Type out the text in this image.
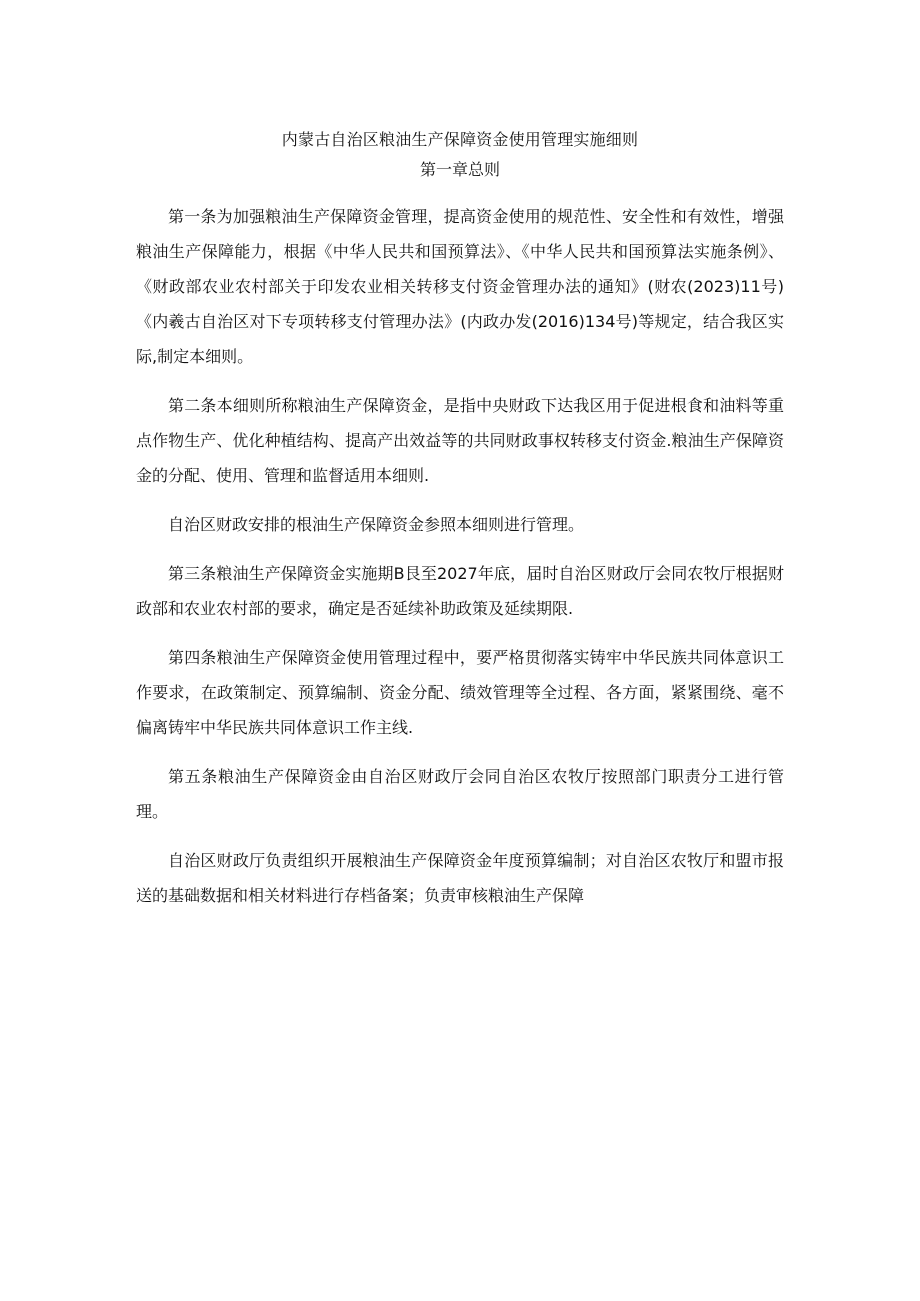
内蒙古自治区粮油生产保障资金使用管理实施细则
第一章总则

第一条为加强粮油生产保障资金管理，提高资金使用的规范性、安全性和有效性，增强粮油生产保障能力，根据《中华人民共和国预算法》、《中华人民共和国预算法实施条例》、《财政部农业农村部关于印发农业相关转移支付资金管理办法的通知》(财农(2023)11号)《内羲古自治区对下专项转移支付管理办法》(内政办发(2016)134号)等规定，结合我区实际,制定本细则。

第二条本细则所称粮油生产保障资金，是指中央财政下达我区用于促进根食和油料等重点作物生产、优化种植结构、提高产出效益等的共同财政事权转移支付资金.粮油生产保障资金的分配、使用、管理和监督适用本细则.

自治区财政安排的根油生产保障资金参照本细则进行管理。

第三条粮油生产保障资金实施期B艮至2027年底，届时自治区财政厅会同农牧厅根据财政部和农业农村部的要求，确定是否延续补助政策及延续期限.

第四条粮油生产保障资金使用管理过程中，要严格贯彻落实铸牢中华民族共同体意识工作要求，在政策制定、预算编制、资金分配、绩效管理等全过程、各方面，紧紧围绕、毫不偏离铸牢中华民族共同体意识工作主线.

第五条粮油生产保障资金由自治区财政厅会同自治区农牧厅按照部门职责分工进行管理。

自治区财政厅负责组织开展粮油生产保障资金年度预算编制；对自治区农牧厅和盟市报送的基础数据和相关材料进行存档备案；负责审核粮油生产保障
